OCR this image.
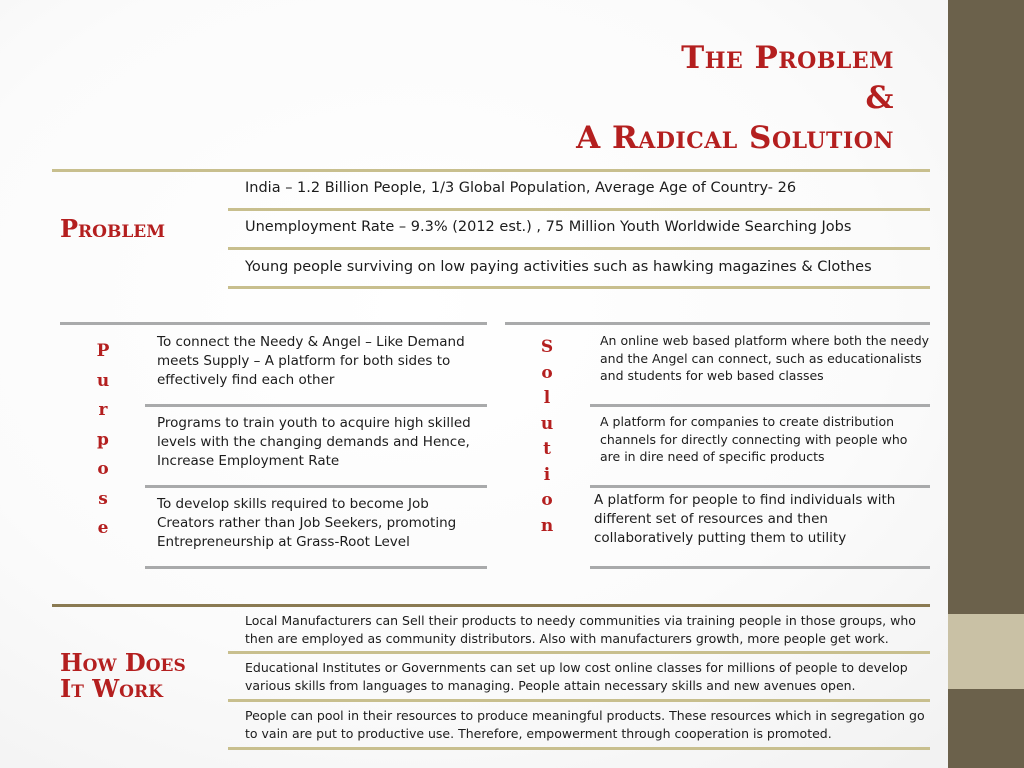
The Problem
&
A Radical Solution
Problem
India – 1.2 Billion People, 1/3 Global Population, Average Age of Country- 26
Unemployment Rate – 9.3% (2012 est.) , 75 Million Youth Worldwide Searching Jobs
Young people surviving on low paying activities such as hawking magazines & Clothes
P
u
r
p
o
s
e
To connect the Needy & Angel – Like Demand meets Supply – A platform for both sides to effectively find each other
Programs to train youth to acquire high skilled levels with the changing demands and Hence, Increase Employment Rate
To develop skills required to become Job Creators rather than Job Seekers, promoting Entrepreneurship at Grass-Root Level
S
o
l
u
t
i
o
n
An online web based platform where both the needy and the Angel can connect, such as educationalists and students for web based classes
A platform for companies to create distribution channels for directly connecting with people who are in dire need of specific products
A platform for people to find individuals with different set of resources and then collaboratively putting them to utility
How Does
It Work
Local Manufacturers can Sell their products to needy communities via training people in those groups, who then are employed as community distributors. Also with manufacturers growth, more people get work.
Educational Institutes or Governments can set up low cost online classes for millions of people to develop various skills from languages to managing. People attain necessary skills and new avenues open.
People can pool in their resources to produce meaningful products. These resources which in segregation go to vain are put to productive use. Therefore, empowerment through cooperation is promoted.
